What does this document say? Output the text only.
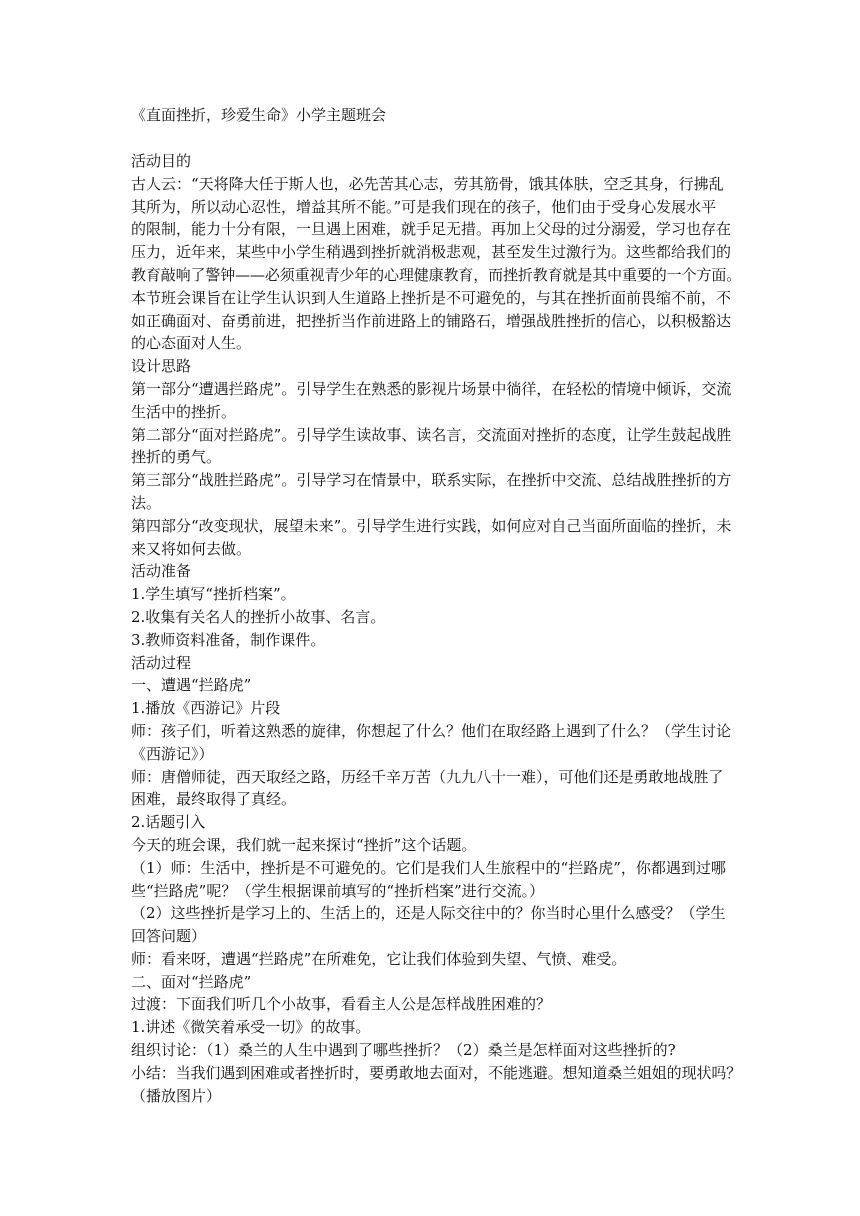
《直面挫折，珍爱生命》小学主题班会
活动目的
古人云：“天将降大任于斯人也，必先苦其心志，劳其筋骨，饿其体肤，空乏其身，行拂乱
其所为，所以动心忍性，增益其所不能。”可是我们现在的孩子，他们由于受身心发展水平
的限制，能力十分有限，一旦遇上困难，就手足无措。再加上父母的过分溺爱，学习也存在
压力，近年来，某些中小学生稍遇到挫折就消极悲观，甚至发生过激行为。这些都给我们的
教育敲响了警钟——必须重视青少年的心理健康教育，而挫折教育就是其中重要的一个方面。
本节班会课旨在让学生认识到人生道路上挫折是不可避免的，与其在挫折面前畏缩不前，不
如正确面对、奋勇前进，把挫折当作前进路上的铺路石，增强战胜挫折的信心，以积极豁达
的心态面对人生。
设计思路
第一部分“遭遇拦路虎”。引导学生在熟悉的影视片场景中徜徉，在轻松的情境中倾诉，交流
生活中的挫折。
第二部分“面对拦路虎”。引导学生读故事、读名言，交流面对挫折的态度，让学生鼓起战胜
挫折的勇气。
第三部分“战胜拦路虎”。引导学习在情景中，联系实际，在挫折中交流、总结战胜挫折的方
法。
第四部分“改变现状，展望未来”。引导学生进行实践，如何应对自己当面所面临的挫折，未
来又将如何去做。
活动准备
1.学生填写“挫折档案”。
2.收集有关名人的挫折小故事、名言。
3.教师资料准备，制作课件。
活动过程
一、遭遇“拦路虎”
1.播放《西游记》片段
师：孩子们，听着这熟悉的旋律，你想起了什么？他们在取经路上遇到了什么？（学生讨论
《西游记》）
师：唐僧师徒，西天取经之路，历经千辛万苦（九九八十一难），可他们还是勇敢地战胜了
困难，最终取得了真经。
2.话题引入
今天的班会课，我们就一起来探讨“挫折”这个话题。
（1）师：生活中，挫折是不可避免的。它们是我们人生旅程中的“拦路虎”，你都遇到过哪
些“拦路虎”呢？（学生根据课前填写的“挫折档案”进行交流。）
（2）这些挫折是学习上的、生活上的，还是人际交往中的？你当时心里什么感受？（学生
回答问题）
师：看来呀，遭遇“拦路虎”在所难免，它让我们体验到失望、气愤、难受。
二、面对“拦路虎”
过渡：下面我们听几个小故事，看看主人公是怎样战胜困难的？
1.讲述《微笑着承受一切》的故事。
组织讨论：（1）桑兰的人生中遇到了哪些挫折？（2）桑兰是怎样面对这些挫折的?
小结：当我们遇到困难或者挫折时，要勇敢地去面对，不能逃避。想知道桑兰姐姐的现状吗？
（播放图片）
